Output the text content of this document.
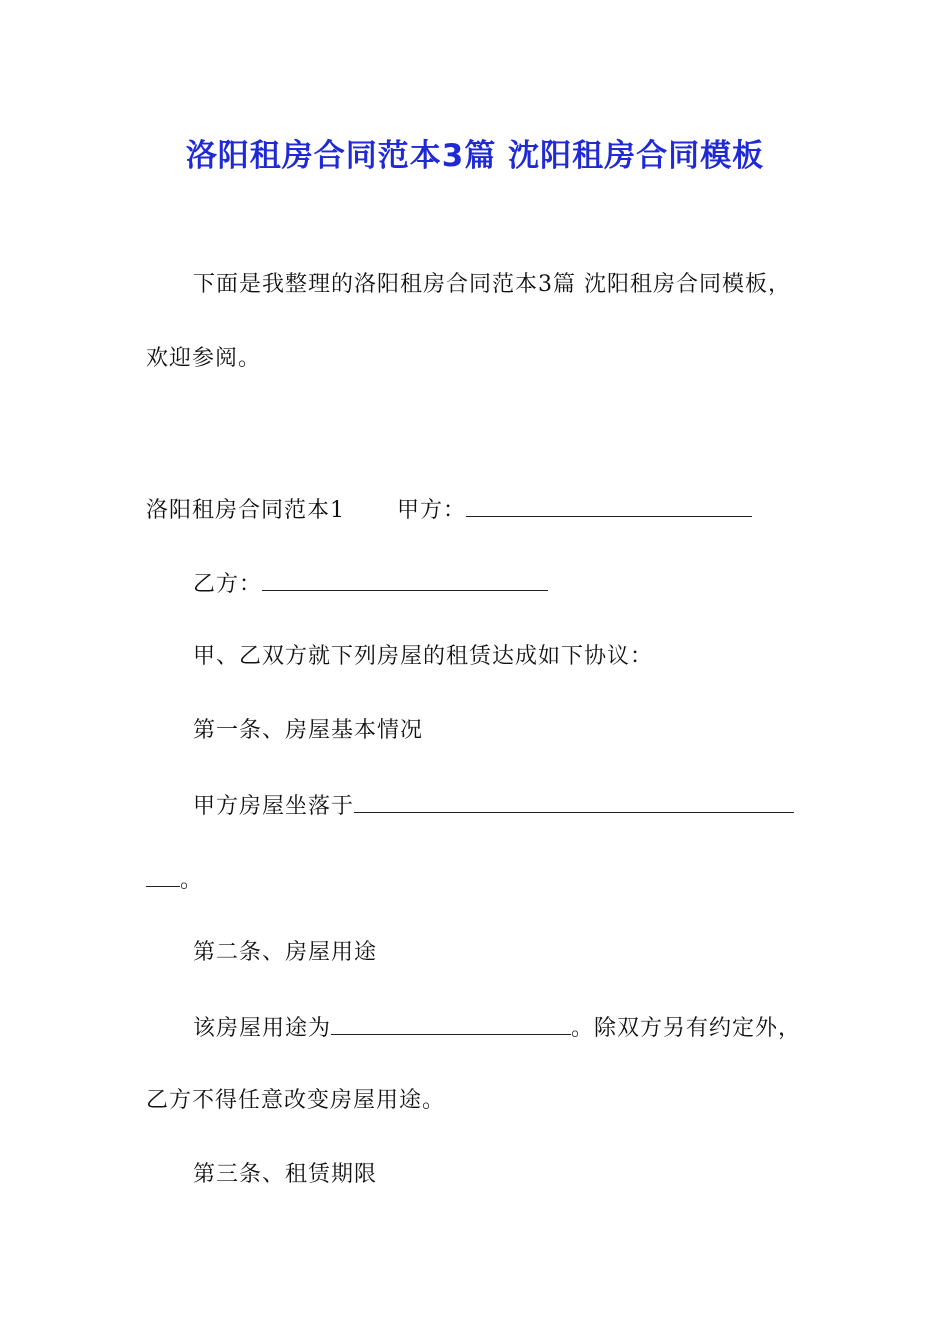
洛阳租房合同范本3篇 沈阳租房合同模板
下面是我整理的洛阳租房合同范本3篇 沈阳租房合同模板，
欢迎参阅。
洛阳租房合同范本1 甲方：
乙方：
甲、乙双方就下列房屋的租赁达成如下协议：
第一条、房屋基本情况
甲方房屋坐落于
。
第二条、房屋用途
该房屋用途为	。除双方另有约定外，
乙方不得任意改变房屋用途。
第三条、租赁期限
